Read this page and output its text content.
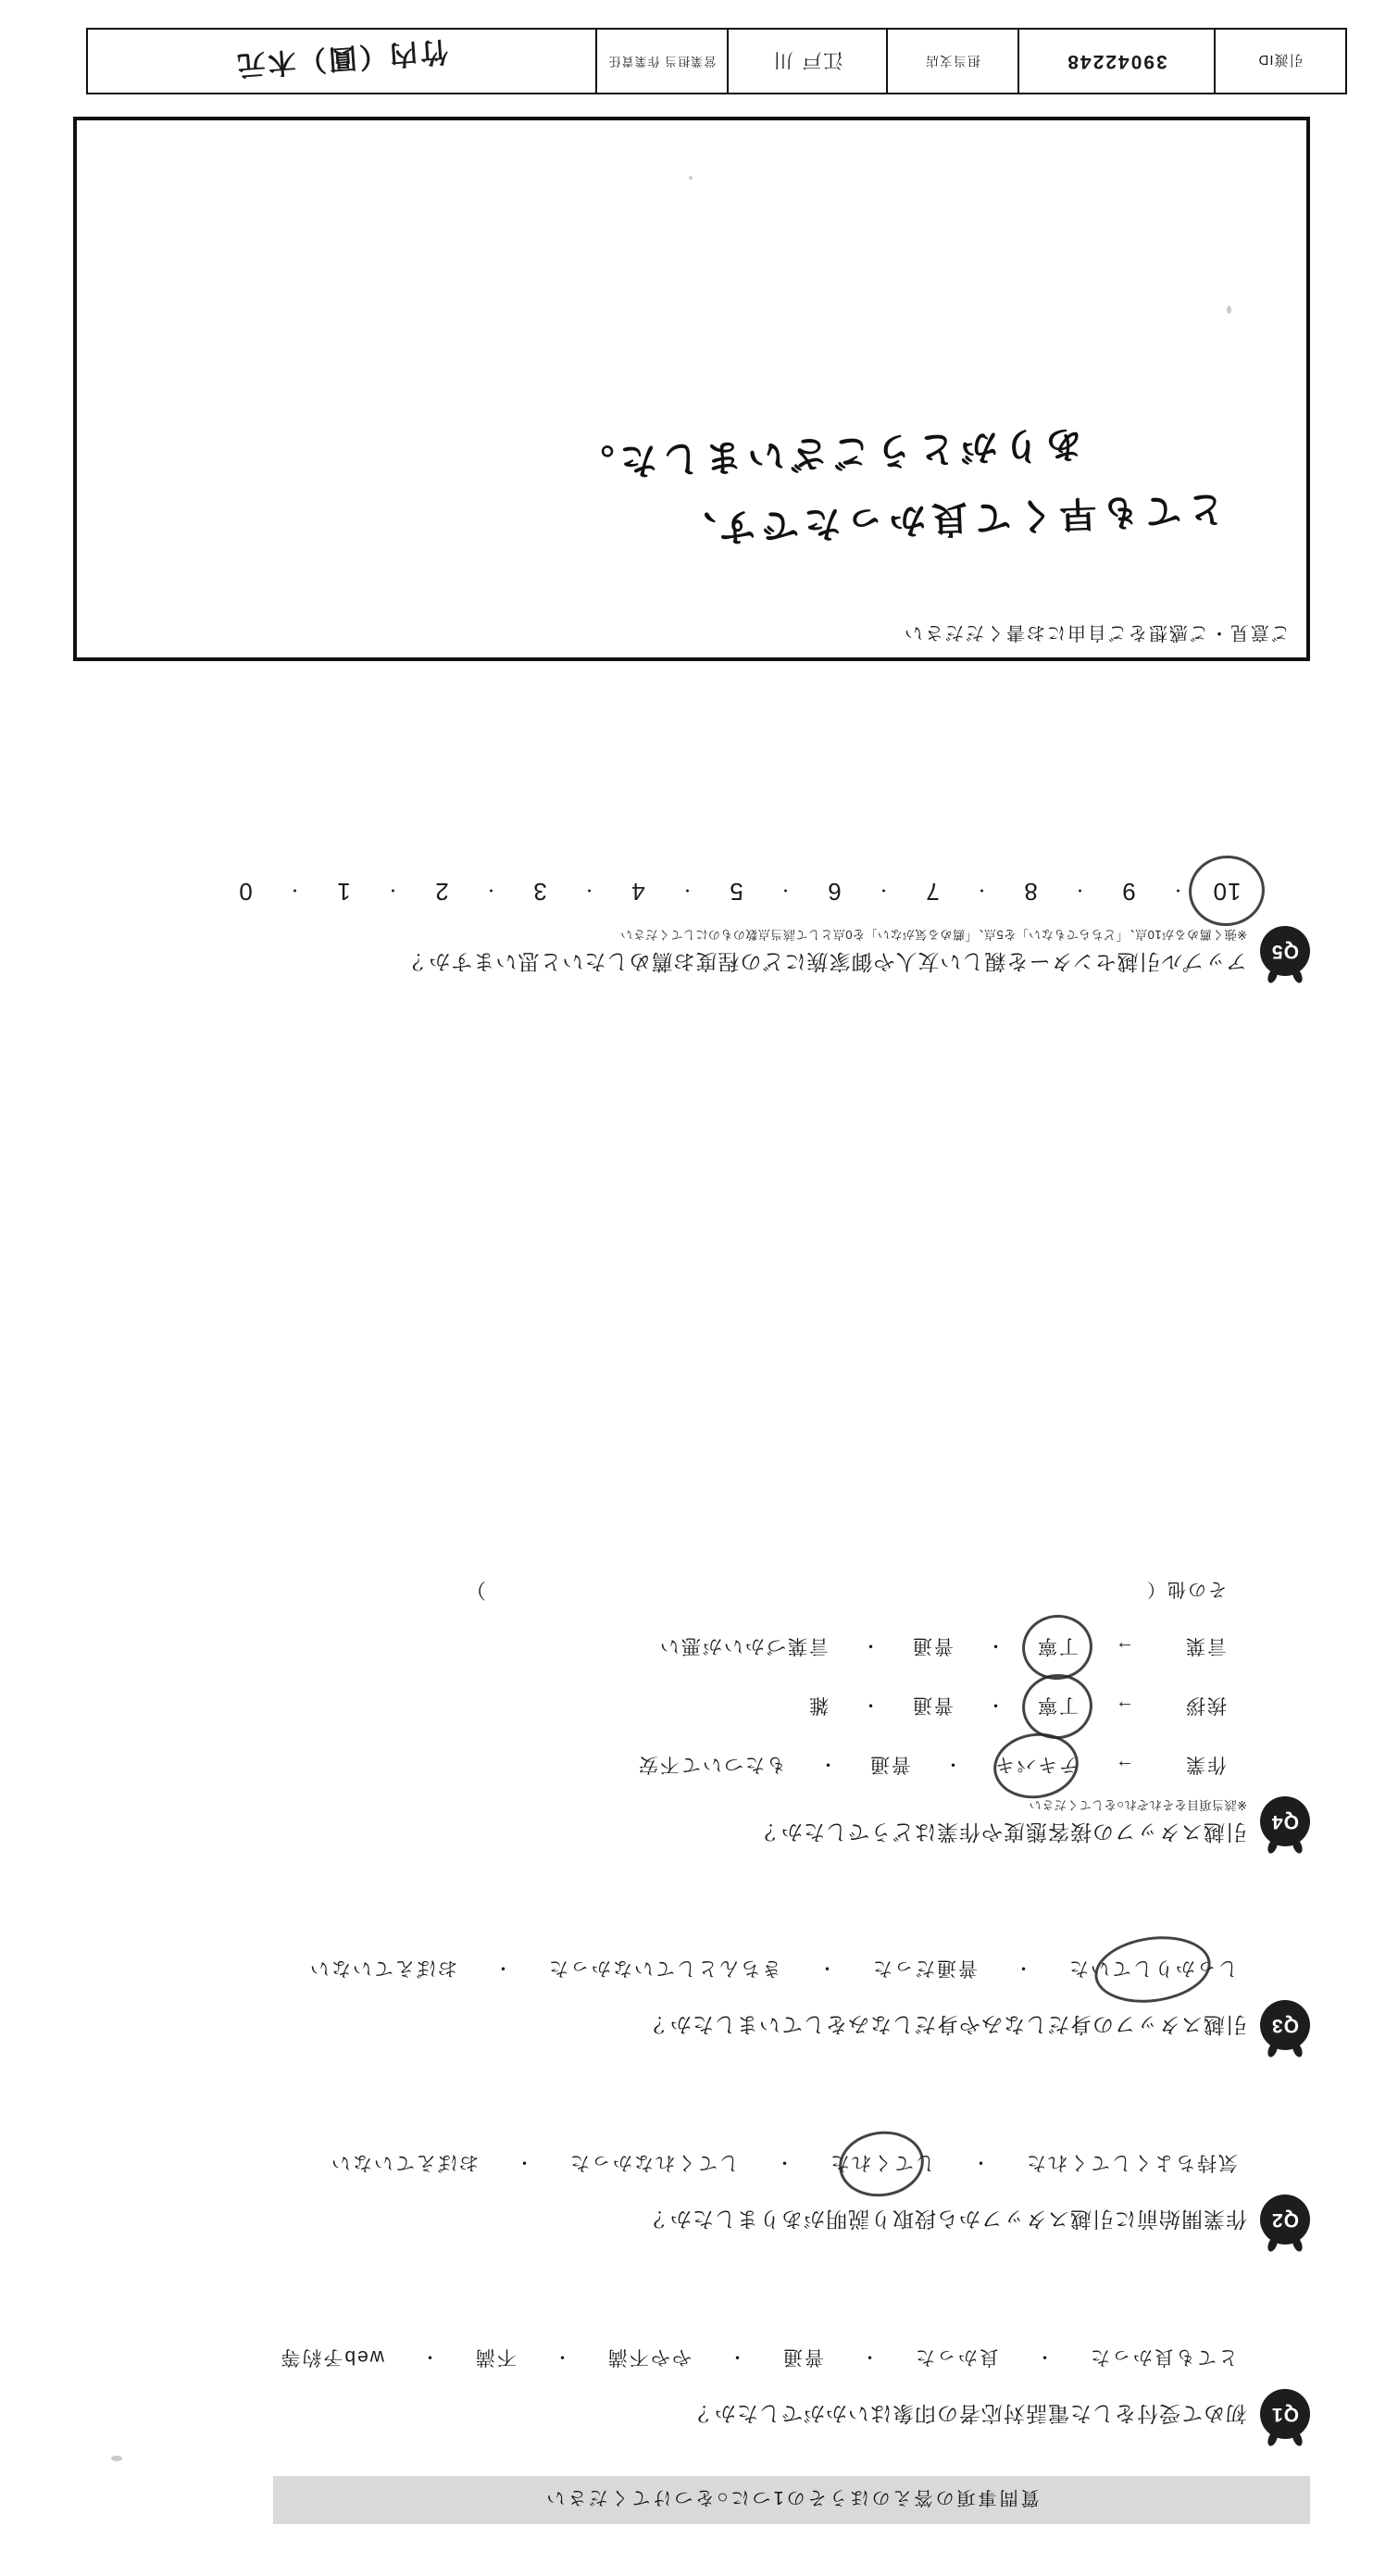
引渡ID
39042248
担当支店
江戸 川
営業担当 作業責任
竹内（圓）木元
質問事項の答えのほうその1つに○をつけてください
Q1
初めて受付をした電話対応者の印象はいかがでしたか？
とても良かった
・
良かった
・
普通
・
やや不満
・
不満
・
web予約等
Q2
作業開始前に引越スタッフから段取り説明がありましたか？
気持ちよくしてくれた
・
してくれた
・
してくれなかった
・
おぼえていない
Q3
引越スタッフの身だしなみや身だしなみをしていましたか？
しっかりしていた
・
普通だった
・
きちんとしていなかった
・
おぼえていない
Q4
引越スタッフの接客態度や作業はどうでしたか？
※該当項目をそれぞれ○をしてください
作業
→
テキパキ
・
普通
・
もたついて不安
挨拶
→
丁寧
・
普通
・
雑
言葉
→
丁寧
・
普通
・
言葉づかいが悪い
その他（
）
Q5
アップル引越センターを親しい友人や御家族にどの程度お薦めしたいと思いますか？
※強く薦めるが10点、「どちらでもない」を5点、「薦める気がない」を0点として該当点数のものにしてください
10
・
9
・
8
・
7
・
6
・
5
・
4
・
3
・
2
・
1
・
0
ご意見・ご感想をご自由にお書くだださい
とても早くて良かったです、
ありがとうございました。
